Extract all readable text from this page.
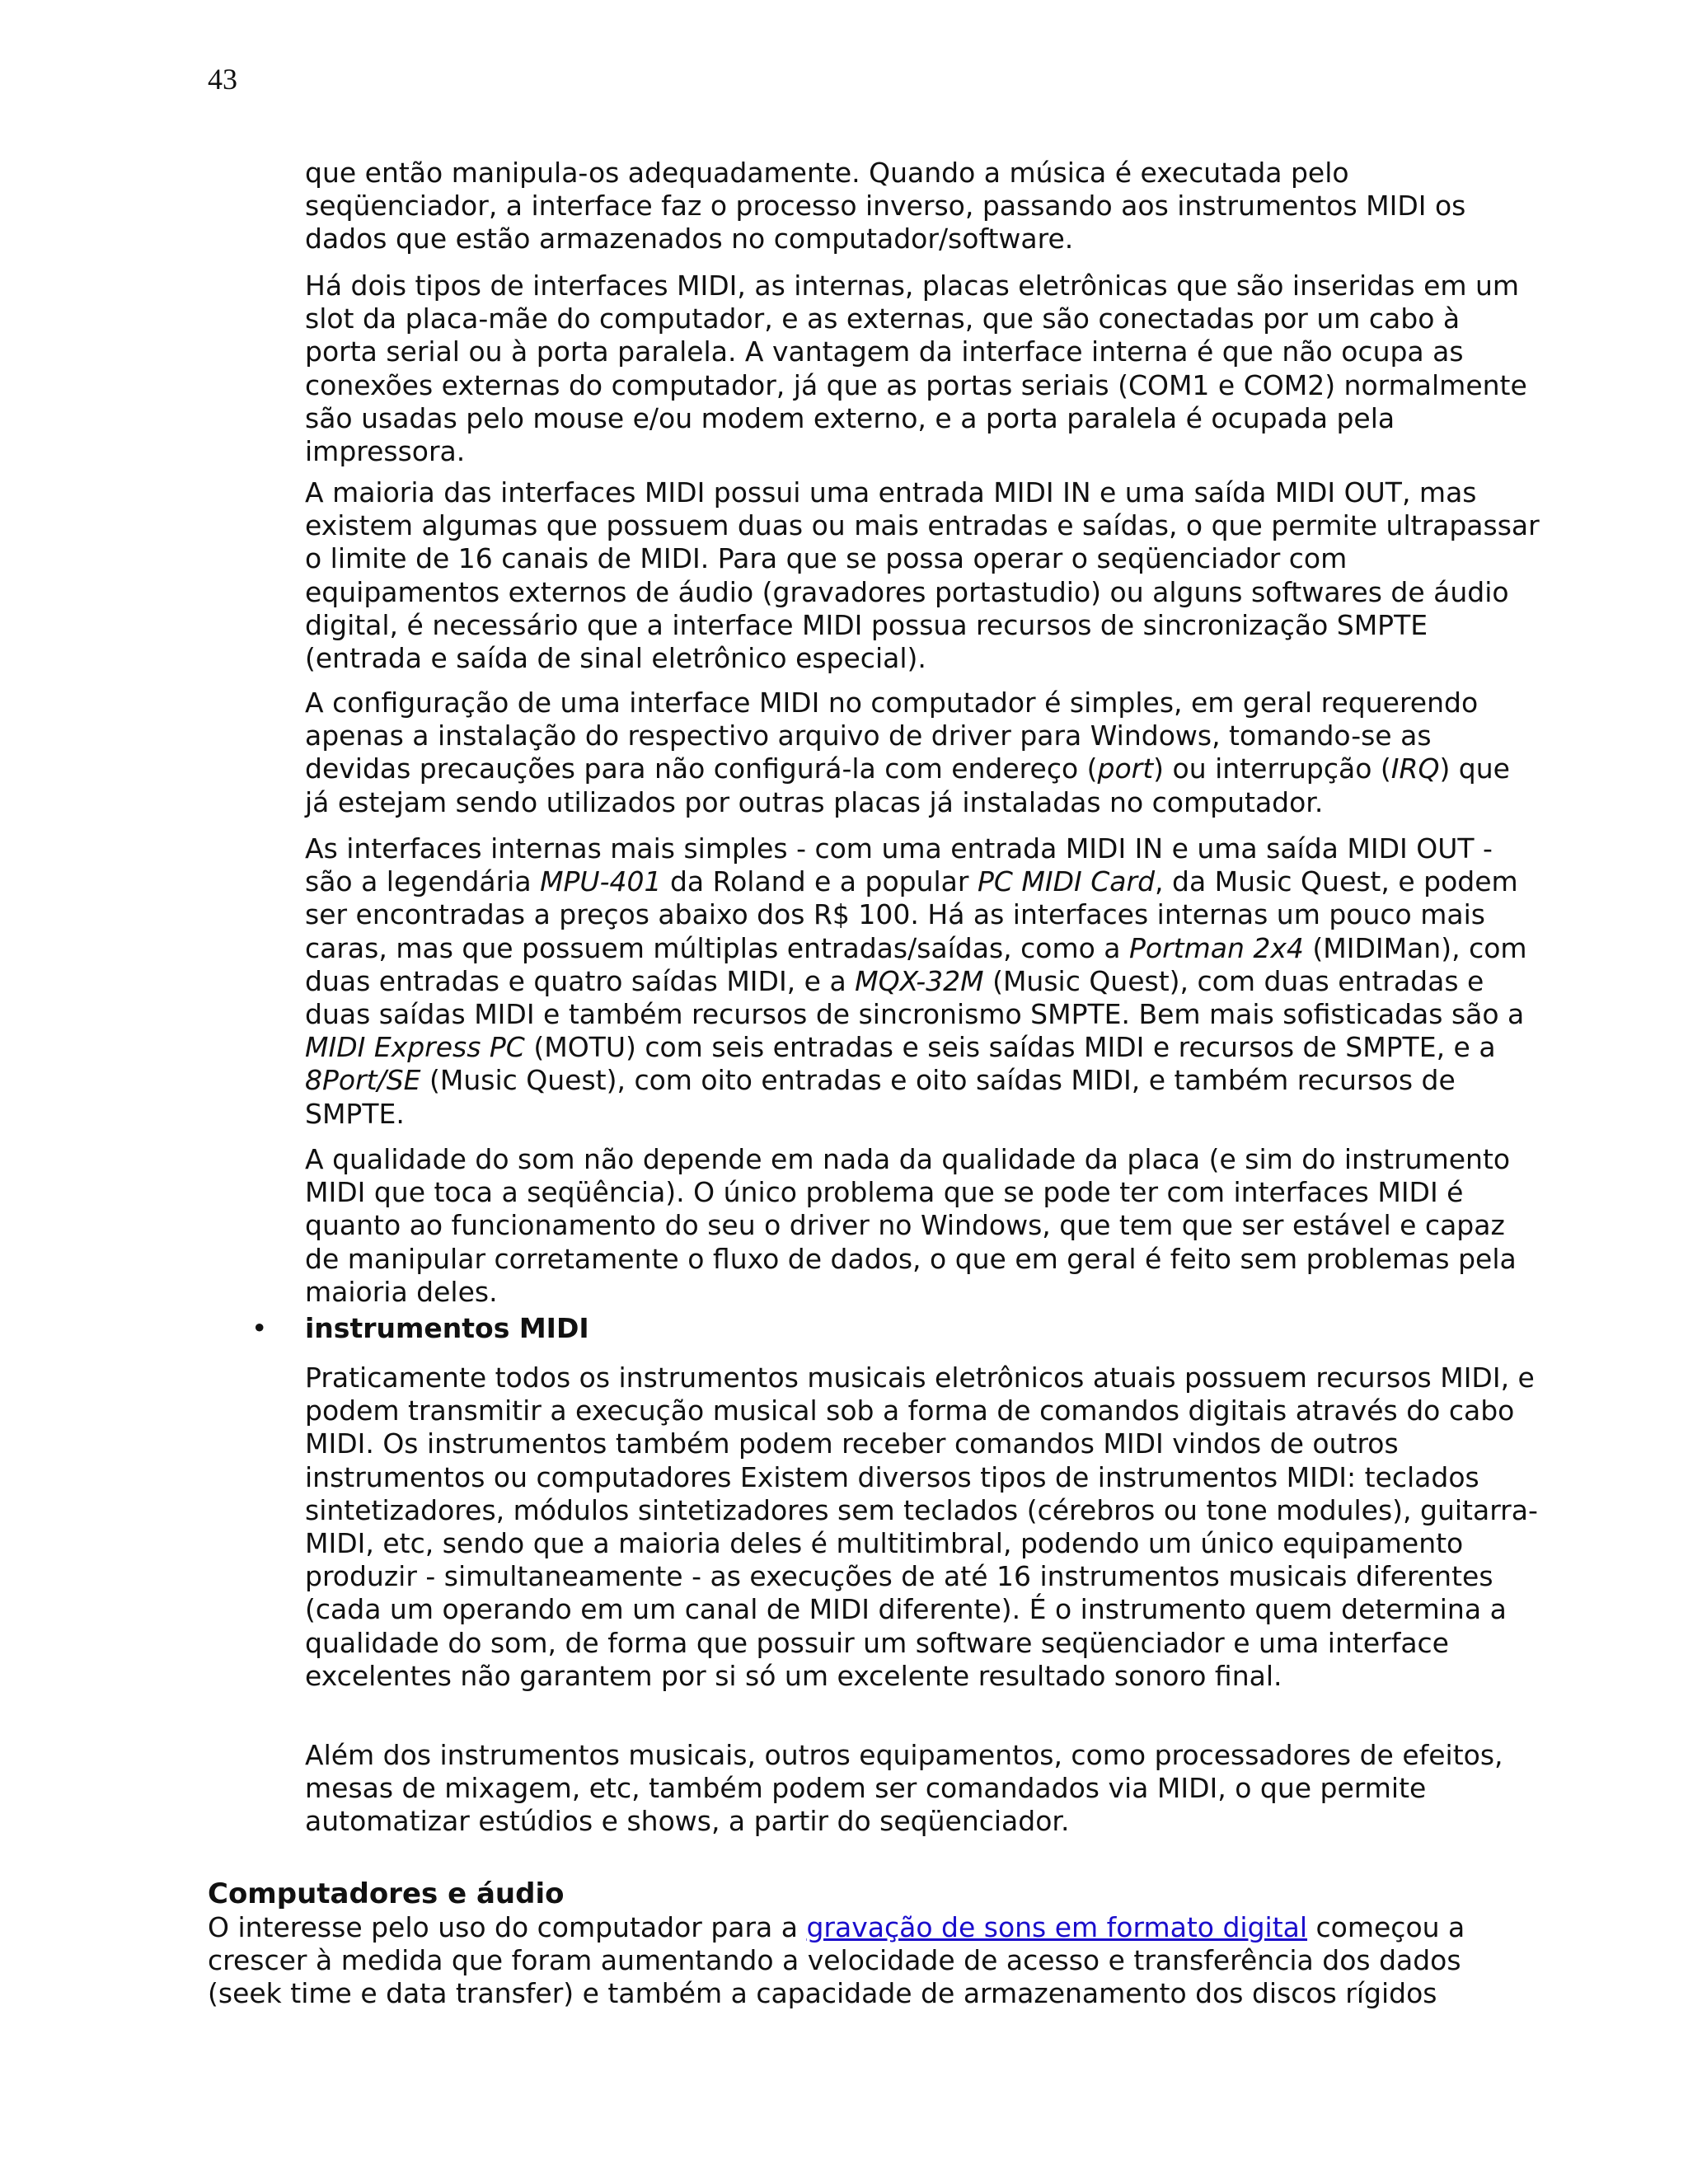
43

que então manipula-os adequadamente. Quando a música é executada pelo seqüenciador, a interface faz o processo inverso, passando aos instrumentos MIDI os dados que estão armazenados no computador/software.

Há dois tipos de interfaces MIDI, as internas, placas eletrônicas que são inseridas em um slot da placa-mãe do computador, e as externas, que são conectadas por um cabo à porta serial ou à porta paralela. A vantagem da interface interna é que não ocupa as conexões externas do computador, já que as portas seriais (COM1 e COM2) normalmente são usadas pelo mouse e/ou modem externo, e a porta paralela é ocupada pela impressora.

A maioria das interfaces MIDI possui uma entrada MIDI IN e uma saída MIDI OUT, mas existem algumas que possuem duas ou mais entradas e saídas, o que permite ultrapassar o limite de 16 canais de MIDI. Para que se possa operar o seqüenciador com equipamentos externos de áudio (gravadores portastudio) ou alguns softwares de áudio digital, é necessário que a interface MIDI possua recursos de sincronização SMPTE (entrada e saída de sinal eletrônico especial).

A configuração de uma interface MIDI no computador é simples, em geral requerendo apenas a instalação do respectivo arquivo de driver para Windows, tomando-se as devidas precauções para não configurá-la com endereço (port) ou interrupção (IRQ) que já estejam sendo utilizados por outras placas já instaladas no computador.

As interfaces internas mais simples - com uma entrada MIDI IN e uma saída MIDI OUT - são a legendária MPU-401 da Roland e a popular PC MIDI Card, da Music Quest, e podem ser encontradas a preços abaixo dos R$ 100. Há as interfaces internas um pouco mais caras, mas que possuem múltiplas entradas/saídas, como a Portman 2x4 (MIDIMan), com duas entradas e quatro saídas MIDI, e a MQX-32M (Music Quest), com duas entradas e duas saídas MIDI e também recursos de sincronismo SMPTE. Bem mais sofisticadas são a MIDI Express PC (MOTU) com seis entradas e seis saídas MIDI e recursos de SMPTE, e a 8Port/SE (Music Quest), com oito entradas e oito saídas MIDI, e também recursos de SMPTE.

A qualidade do som não depende em nada da qualidade da placa (e sim do instrumento MIDI que toca a seqüência). O único problema que se pode ter com interfaces MIDI é quanto ao funcionamento do seu o driver no Windows, que tem que ser estável e capaz de manipular corretamente o fluxo de dados, o que em geral é feito sem problemas pela maioria deles.

• instrumentos MIDI

Praticamente todos os instrumentos musicais eletrônicos atuais possuem recursos MIDI, e podem transmitir a execução musical sob a forma de comandos digitais através do cabo MIDI. Os instrumentos também podem receber comandos MIDI vindos de outros instrumentos ou computadores Existem diversos tipos de instrumentos MIDI: teclados sintetizadores, módulos sintetizadores sem teclados (cérebros ou tone modules), guitarra-MIDI, etc, sendo que a maioria deles é multitimbral, podendo um único equipamento produzir - simultaneamente - as execuções de até 16 instrumentos musicais diferentes (cada um operando em um canal de MIDI diferente). É o instrumento quem determina a qualidade do som, de forma que possuir um software seqüenciador e uma interface excelentes não garantem por si só um excelente resultado sonoro final.

Além dos instrumentos musicais, outros equipamentos, como processadores de efeitos, mesas de mixagem, etc, também podem ser comandados via MIDI, o que permite automatizar estúdios e shows, a partir do seqüenciador.

Computadores e áudio

O interesse pelo uso do computador para a gravação de sons em formato digital começou a crescer à medida que foram aumentando a velocidade de acesso e transferência dos dados (seek time e data transfer) e também a capacidade de armazenamento dos discos rígidos
